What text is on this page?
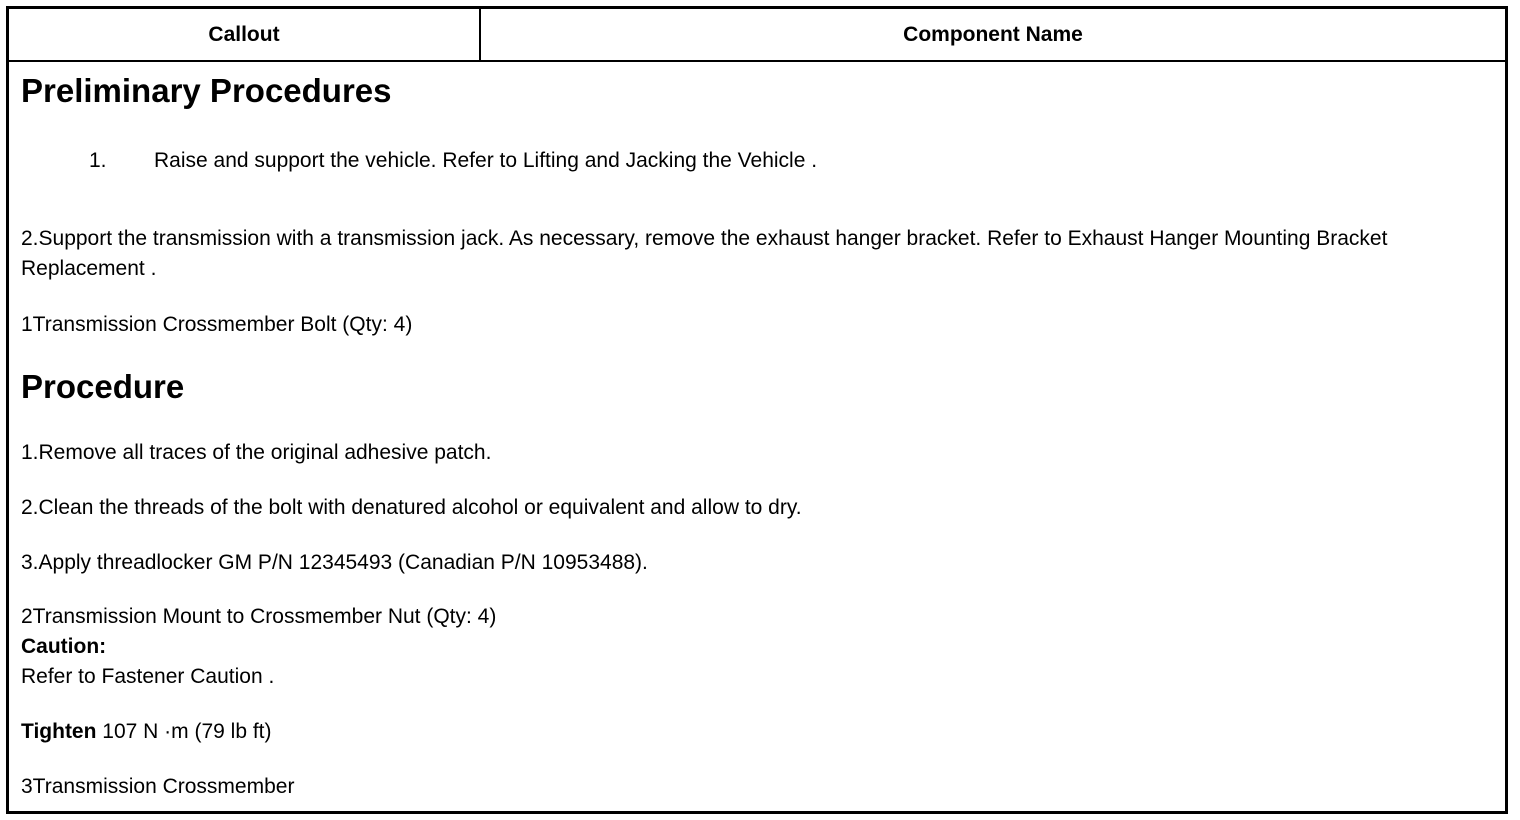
Callout	Component Name
Preliminary Procedures
1. Raise and support the vehicle. Refer to Lifting and Jacking the Vehicle .
2.Support the transmission with a transmission jack. As necessary, remove the exhaust hanger bracket. Refer to Exhaust Hanger Mounting Bracket Replacement .
1Transmission Crossmember Bolt (Qty: 4)
Procedure
1.Remove all traces of the original adhesive patch.
2.Clean the threads of the bolt with denatured alcohol or equivalent and allow to dry.
3.Apply threadlocker GM P/N 12345493 (Canadian P/N 10953488).
2Transmission Mount to Crossmember Nut (Qty: 4)
Caution:
Refer to Fastener Caution .
Tighten 107 N ·m (79 lb ft)
3Transmission Crossmember
